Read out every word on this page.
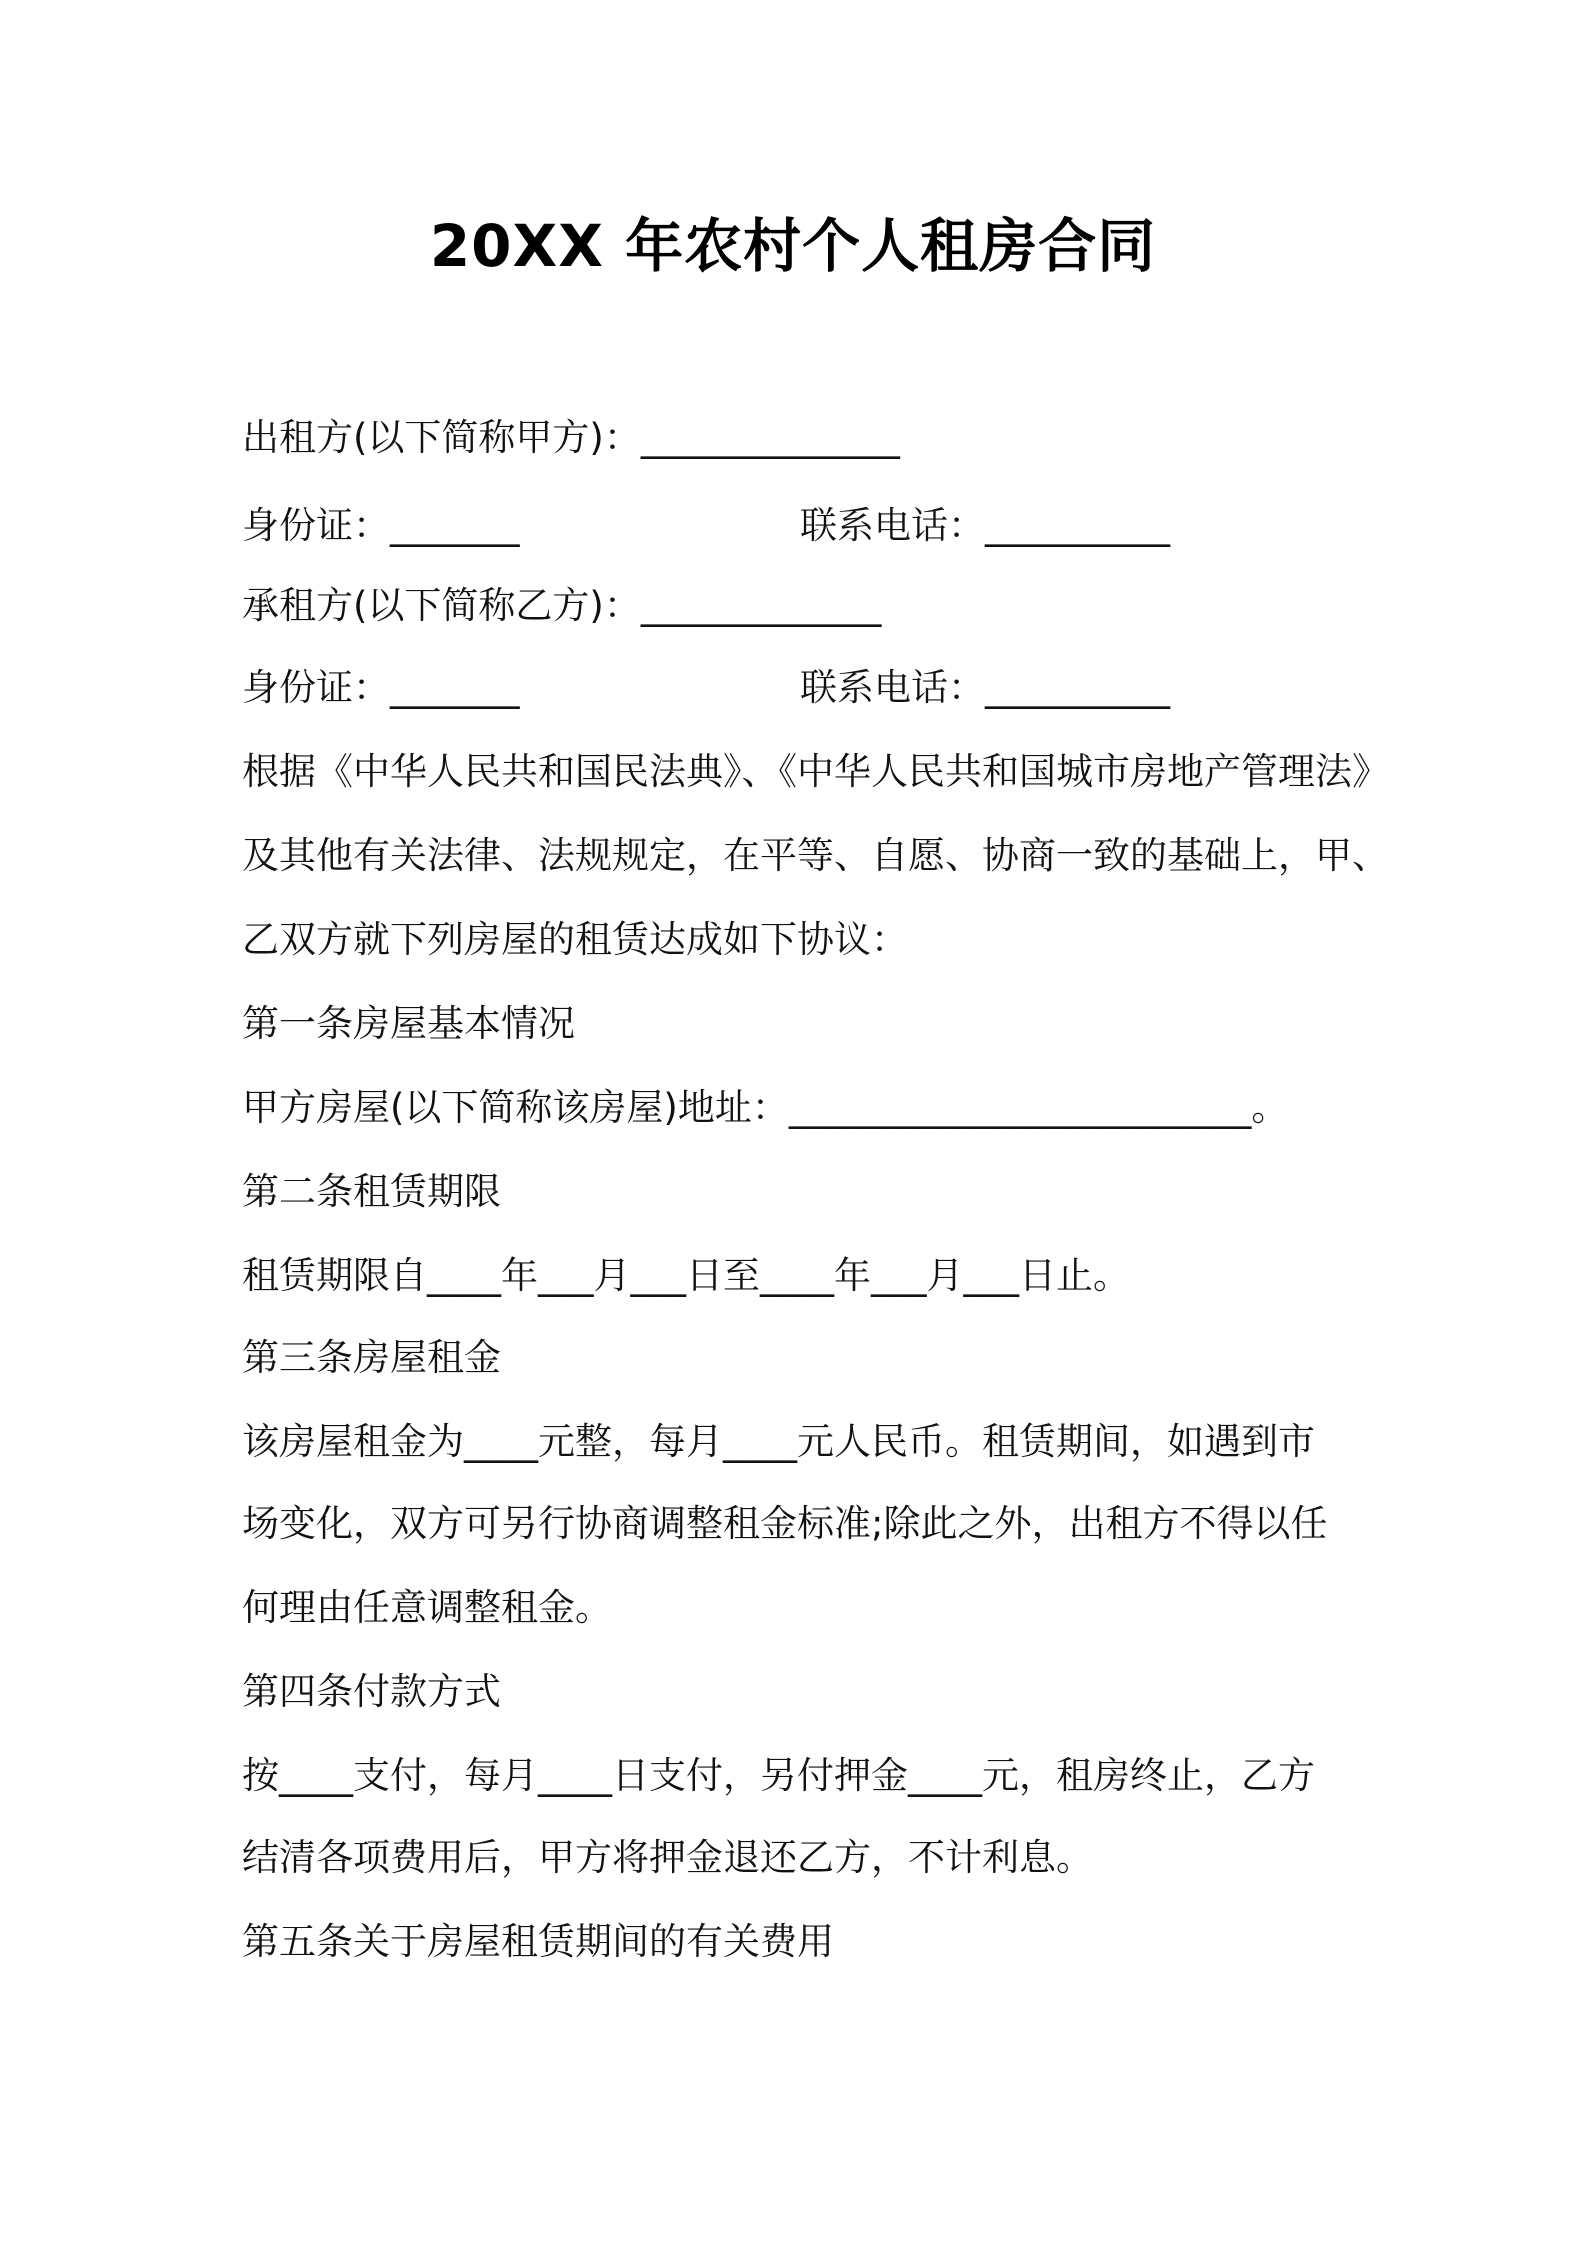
20XX 年农村个人租房合同
出租方(以下简称甲方)：______________
身份证：_______	联系电话：__________
承租方(以下简称乙方)：_____________
身份证：_______	联系电话：__________
根据《中华人民共和国民法典》、《中华人民共和国城市房地产管理法》
及其他有关法律、法规规定，在平等、自愿、协商一致的基础上，甲、
乙双方就下列房屋的租赁达成如下协议：
第一条房屋基本情况
甲方房屋(以下简称该房屋)地址：_________________________。
第二条租赁期限
租赁期限自____年___月___日至____年___月___日止。
第三条房屋租金
该房屋租金为____元整，每月____元人民币。租赁期间，如遇到市
场变化，双方可另行协商调整租金标准;除此之外，出租方不得以任
何理由任意调整租金。
第四条付款方式
按____支付，每月____日支付，另付押金____元，租房终止，乙方
结清各项费用后，甲方将押金退还乙方，不计利息。
第五条关于房屋租赁期间的有关费用
